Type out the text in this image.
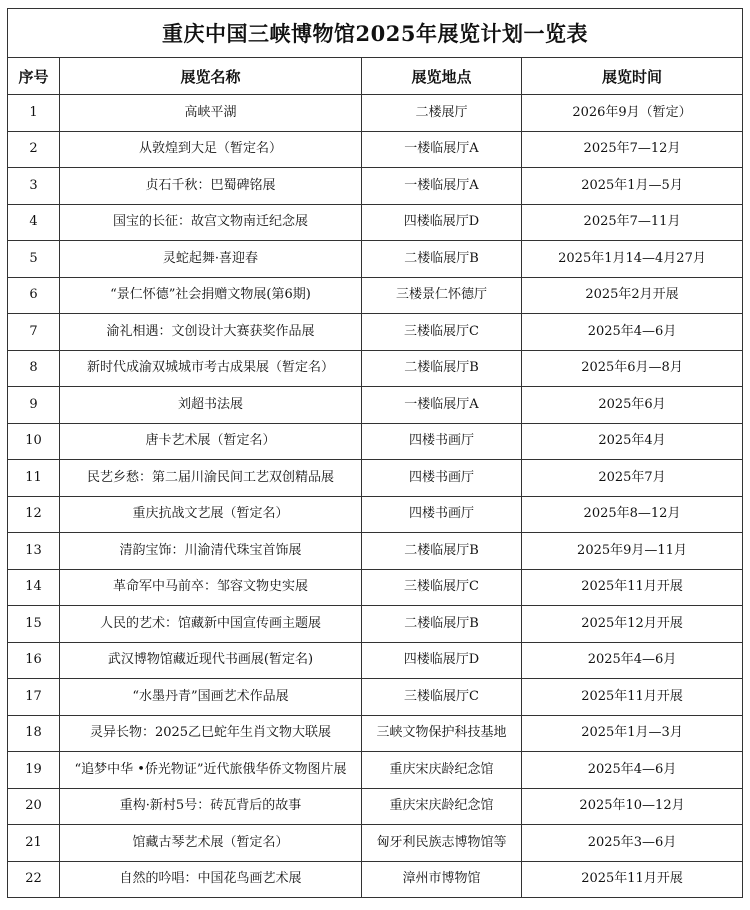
重庆中国三峡博物馆2025年展览计划一览表			
序号	展览名称	展览地点	展览时间
1	高峡平湖	二楼展厅	2026年9月（暂定）
2	从敦煌到大足（暂定名）	一楼临展厅A	2025年7—12月
3	贞石千秋：巴蜀碑铭展	一楼临展厅A	2025年1月—5月
4	国宝的长征：故宫文物南迁纪念展	四楼临展厅D	2025年7—11月
5	灵蛇起舞·喜迎春	二楼临展厅B	2025年1月14—4月27月
6	“景仁怀德”社会捐赠文物展(第6期)	三楼景仁怀德厅	2025年2月开展
7	渝礼相遇：文创设计大赛获奖作品展	三楼临展厅C	2025年4—6月
8	新时代成渝双城城市考古成果展（暂定名）	二楼临展厅B	2025年6月—8月
9	刘超书法展	一楼临展厅A	2025年6月
10	唐卡艺术展（暂定名）	四楼书画厅	2025年4月
11	民艺乡愁：第二届川渝民间工艺双创精品展	四楼书画厅	2025年7月
12	重庆抗战文艺展（暂定名）	四楼书画厅	2025年8—12月
13	清韵宝饰：川渝清代珠宝首饰展	二楼临展厅B	2025年9月—11月
14	革命军中马前卒：邹容文物史实展	三楼临展厅C	2025年11月开展
15	人民的艺术：馆藏新中国宣传画主题展	二楼临展厅B	2025年12月开展
16	武汉博物馆藏近现代书画展(暂定名)	四楼临展厅D	2025年4—6月
17	“水墨丹青”国画艺术作品展	三楼临展厅C	2025年11月开展
18	灵异长物：2025乙巳蛇年生肖文物大联展	三峡文物保护科技基地	2025年1月—3月
19	“追梦中华 •侨光物证”近代旅俄华侨文物图片展	重庆宋庆龄纪念馆	2025年4—6月
20	重构·新村5号：砖瓦背后的故事	重庆宋庆龄纪念馆	2025年10—12月
21	馆藏古琴艺术展（暂定名）	匈牙利民族志博物馆等	2025年3—6月
22	自然的吟唱：中国花鸟画艺术展	漳州市博物馆	2025年11月开展
